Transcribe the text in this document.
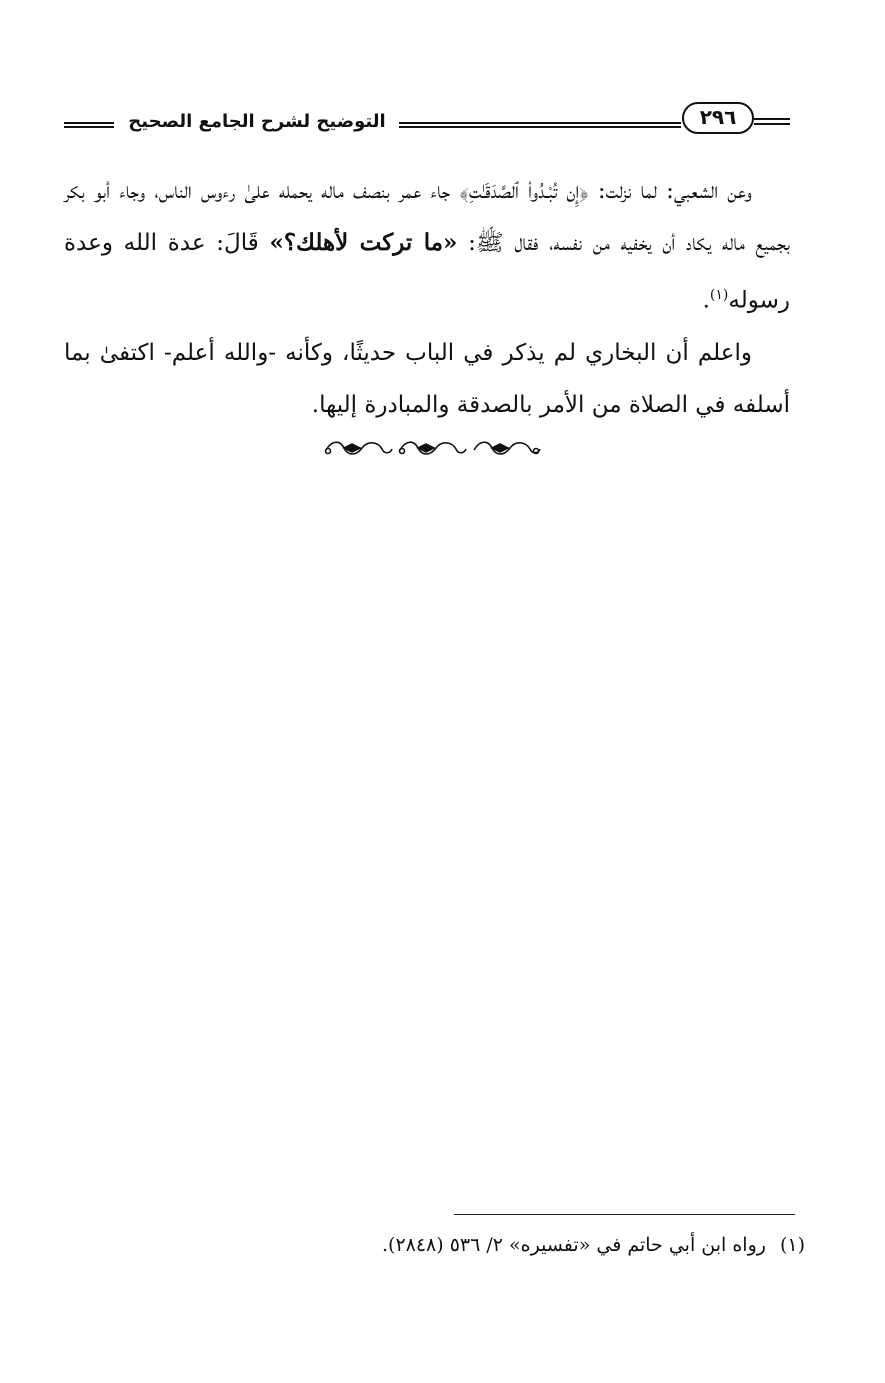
التوضيح لشرح الجامع الصحيح	٢٩٦

وعن الشعبي: لما نزلت: ﴿إِن تُبْـدُواْ ٱلصَّدَقَـٰتِ﴾ جاء عمر بنصف ماله يحمله علىٰ رءوس الناس، وجاء أبو بكر بجميع ماله يكاد أن يخفيه من نفسه، فقال ﷺ: «ما تركت لأهلك؟» قَالَ: عدة الله وعدة رسوله$^{(١)}$.

واعلم أن البخاري لم يذكر في الباب حديثًا، وكأنه -والله أعلم- اكتفىٰ بما أسلفه في الصلاة من الأمر بالصدقة والمبادرة إليها.

(١)رواه ابن أبي حاتم في «تفسيره» ٢/ ٥٣٦ (٢٨٤٨).
